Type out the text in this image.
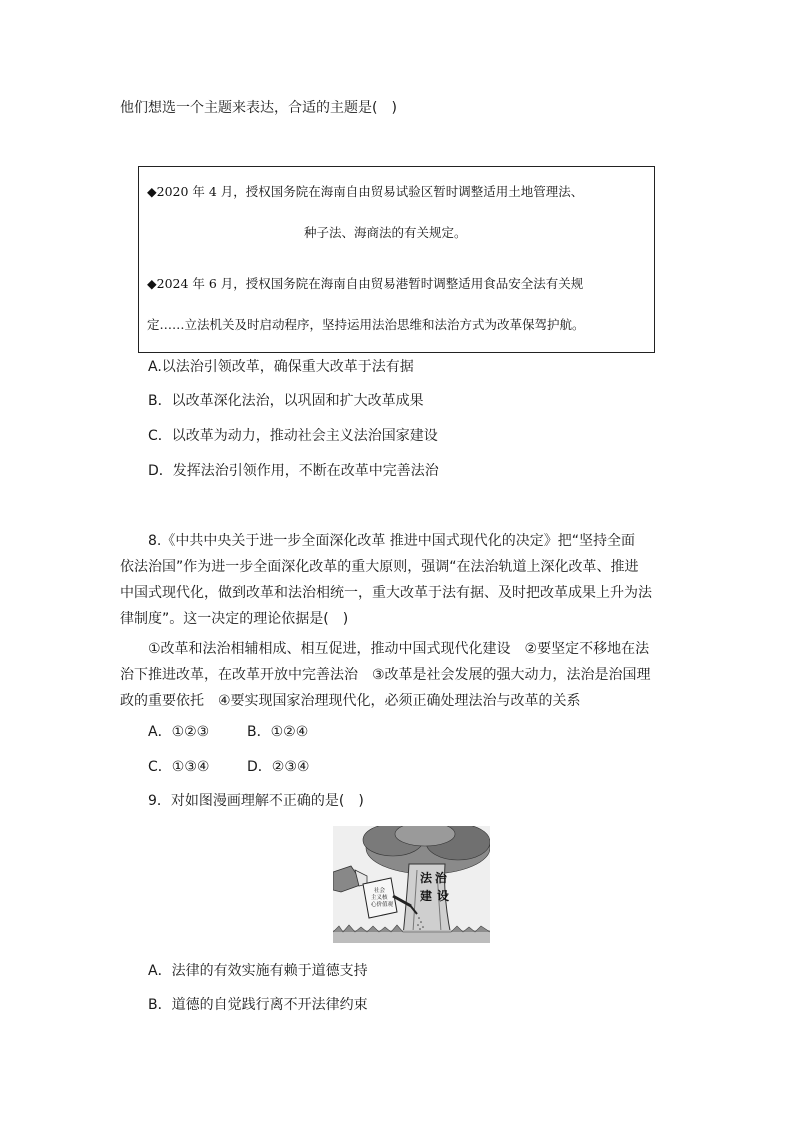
他们想选一个主题来表达，合适的主题是(　)
◆2020 年 4 月，授权国务院在海南自由贸易试验区暂时调整适用土地管理法、
种子法、海商法的有关规定。
◆2024 年 6 月，授权国务院在海南自由贸易港暂时调整适用食品安全法有关规
定……立法机关及时启动程序，坚持运用法治思维和法治方式为改革保驾护航。
A.以法治引领改革，确保重大改革于法有据
B．以改革深化法治，以巩固和扩大改革成果
C．以改革为动力，推动社会主义法治国家建设
D．发挥法治引领作用，不断在改革中完善法治
8.《中共中央关于进一步全面深化改革 推进中国式现代化的决定》把“坚持全面
依法治国”作为进一步全面深化改革的重大原则，强调“在法治轨道上深化改革、推进
中国式现代化，做到改革和法治相统一，重大改革于法有据、及时把改革成果上升为法
律制度”。这一决定的理论依据是(　)
①改革和法治相辅相成、相互促进，推动中国式现代化建设　②要坚定不移地在法
治下推进改革，在改革开放中完善法治　③改革是社会发展的强大动力，法治是治国理
政的重要依托　④要实现国家治理现代化，必须正确处理法治与改革的关系
A．①②③	B．①②④
C．①③④	D．②③④
9．对如图漫画理解不正确的是(　)
法 治 建 设
社会 主义核 心价值观
A．法律的有效实施有赖于道德支持
B．道德的自觉践行离不开法律约束
